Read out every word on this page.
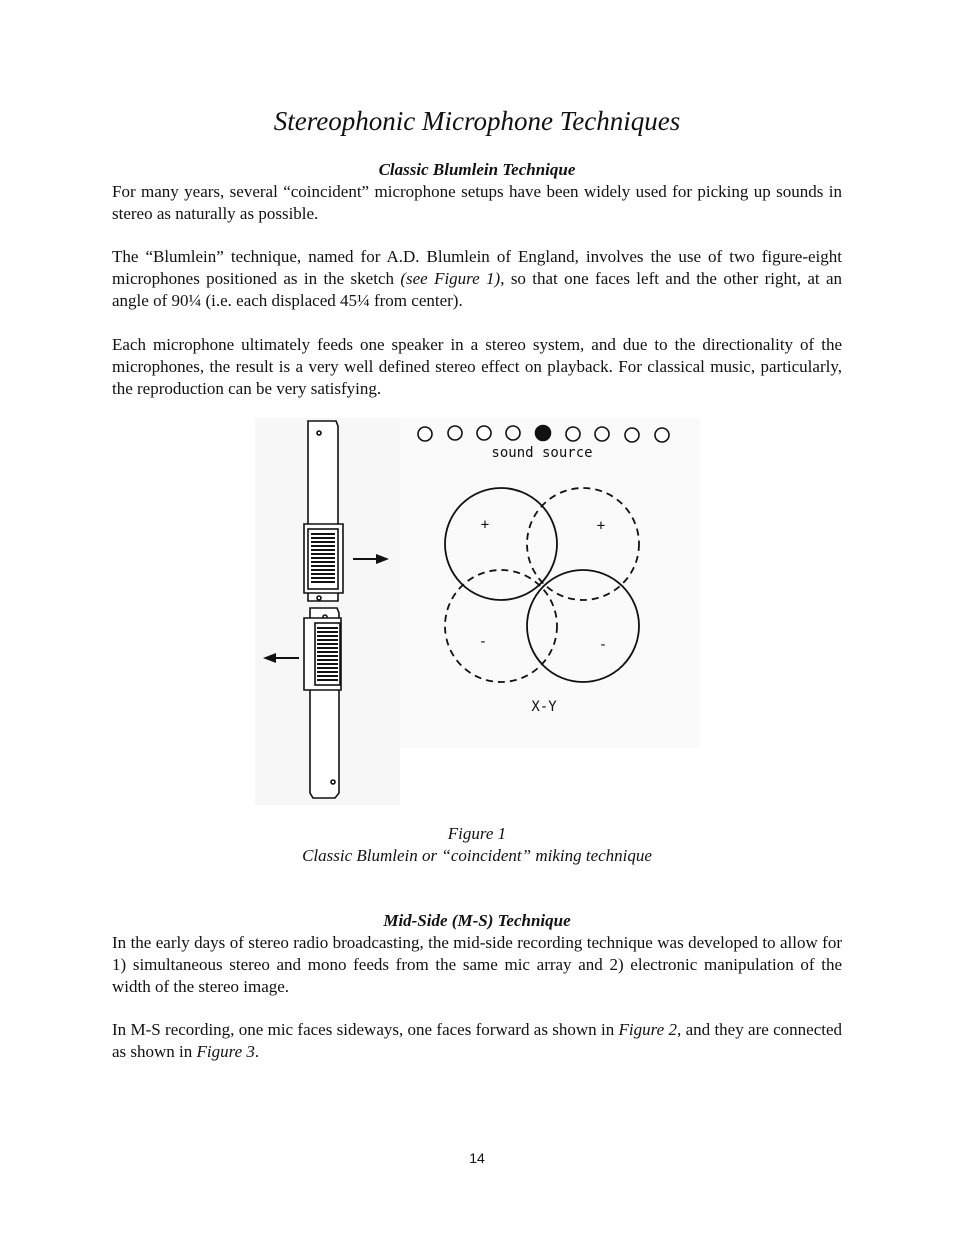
Stereophonic Microphone Techniques
Classic Blumlein Technique

For many years, several “coincident” microphone setups have been widely used for picking up sounds in stereo as naturally as possible.

The “Blumlein” technique, named for A.D. Blumlein of England, involves the use of two figure-eight microphones positioned as in the sketch (see Figure 1), so that one faces left and the other right, at an angle of 90¼ (i.e. each displaced 45¼ from center).

Each microphone ultimately feeds one speaker in a stereo system, and due to the directionality of the microphones, the result is a very well defined stereo effect on playback. For classical music, particularly, the reproduction can be very satisfying.

sound source
+	+
-	-
X-Y

Figure 1

Classic Blumlein or “coincident” miking technique

Mid-Side (M-S) Technique

In the early days of stereo radio broadcasting, the mid-side recording technique was developed to allow for 1) simultaneous stereo and mono feeds from the same mic array and 2) electronic manipulation of the width of the stereo image.

In M-S recording, one mic faces sideways, one faces forward as shown in Figure 2, and they are connected as shown in Figure 3.

14
